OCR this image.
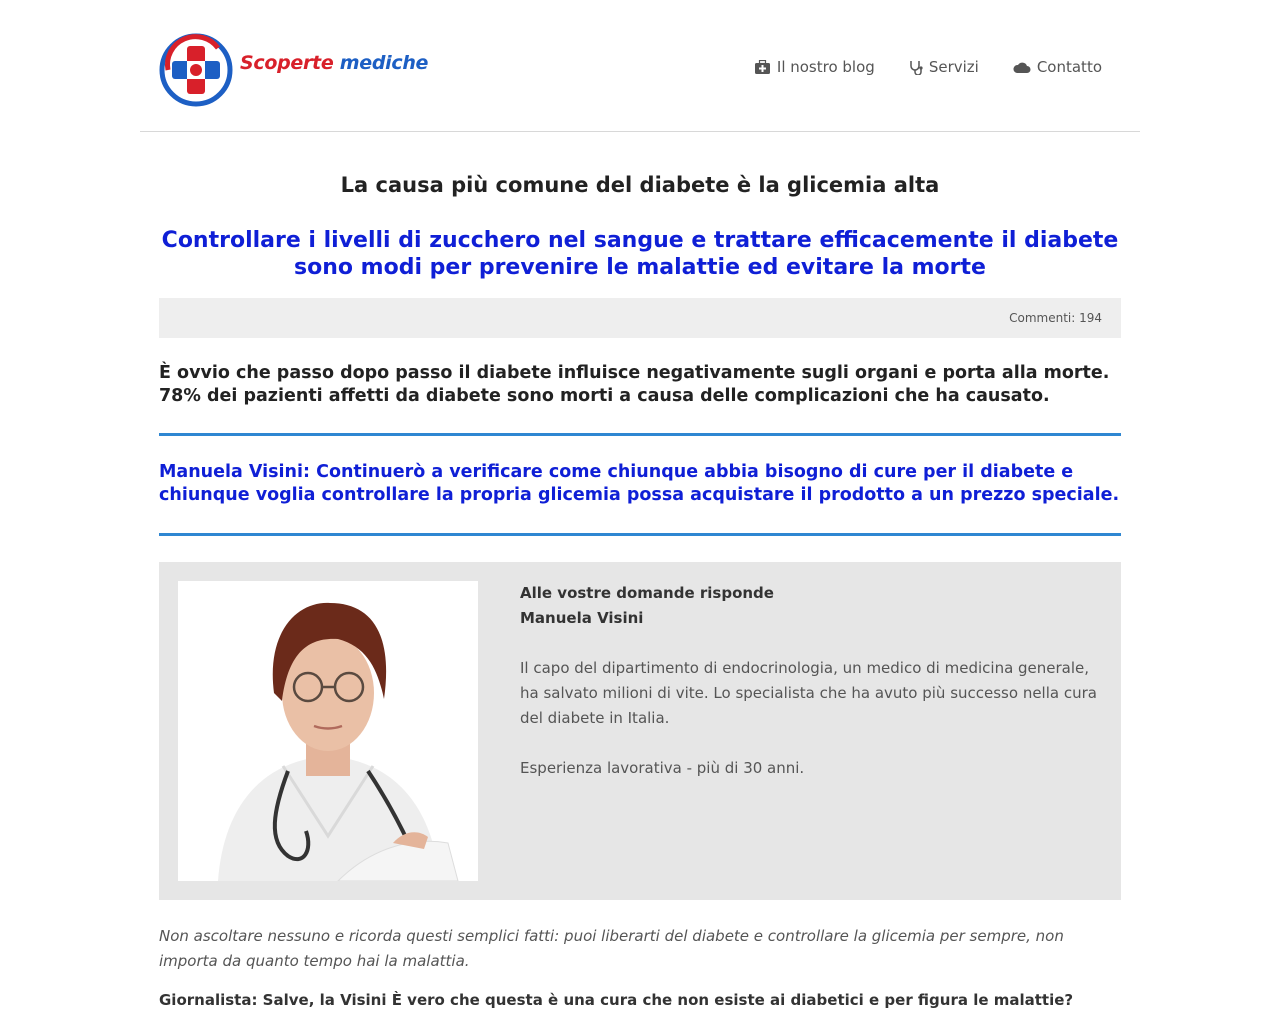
Scoperte mediche	Il nostro blog	Servizi	Contatto
La causa più comune del diabete è la glicemia alta
Controllare i livelli di zucchero nel sangue e trattare efficacemente il diabete sono modi per prevenire le malattie ed evitare la morte
Commenti: 194

È ovvio che passo dopo passo il diabete influisce negativamente sugli organi e porta alla morte. 78% dei pazienti affetti da diabete sono morti a causa delle complicazioni che ha causato.

Manuela Visini: Continuerò a verificare come chiunque abbia bisogno di cure per il diabete e chiunque voglia controllare la propria glicemia possa acquistare il prodotto a un prezzo speciale.

Alle vostre domande risponde
Manuela Visini

Il capo del dipartimento di endocrinologia, un medico di medicina generale, ha salvato milioni di vite. Lo specialista che ha avuto più successo nella cura del diabete in Italia.

Esperienza lavorativa - più di 30 anni.

Non ascoltare nessuno e ricorda questi semplici fatti: puoi liberarti del diabete e controllare la glicemia per sempre, non importa da quanto tempo hai la malattia.

Giornalista: Salve, la Visini È vero che questa è una cura che non esiste ai diabetici e per figura le malattie?
